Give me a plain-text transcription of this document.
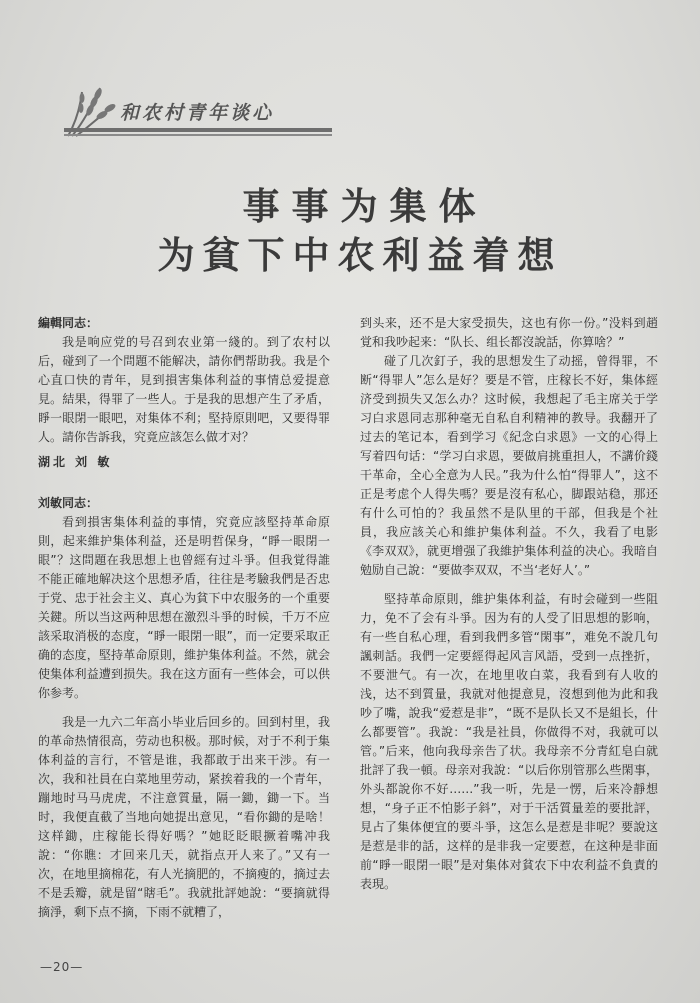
和农村青年谈心
事事为集体
为貧下中农利益着想

編輯同志：

我是响应党的号召到农业第一綫的。到了农村以后，碰到了一个問題不能解决，請你們帮助我。我是个心直口快的青年，見到損害集体利益的事情总爱提意見。結果，得罪了一些人。于是我的思想产生了矛盾，睜一眼閉一眼吧，对集体不利；堅持原則吧，又要得罪人。請你告訴我，究竟应該怎么做才对？

湖北 刘 敏

刘敏同志：

看到損害集体利益的事情，究竟应該堅持革命原則，起来維护集体利益，还是明哲保身，“睜一眼閉一眼”？这問題在我思想上也曾經有过斗爭。但我覚得誰不能正確地解决这个思想矛盾，往往是考驗我們是否忠于党、忠于社会主义、真心为貧下中农服务的一个重要关鍵。所以当这两种思想在激烈斗爭的时候，千万不应該采取消极的态度，“睜一眼閉一眼”，而一定要采取正确的态度，堅持革命原則，維护集体利益。不然，就会使集体利益遭到损失。我在这方面有一些体会，可以供你参考。

我是一九六二年高小毕业后回乡的。回到村里，我的革命热情很高，劳动也积极。那时候，对于不利于集体利益的言行，不管是谁，我都敢于出来干涉。有一次，我和社員在白菜地里劳动，紧挨着我的一个青年，蹦地时马马虎虎，不注意質量，隔一鋤，鋤一下。当时，我便直截了当地向她提出意见，“看你鋤的是啥！这样鋤，庄稼能长得好嗎？”她眨眨眼撅着嘴冲我說：“你瞧：才回来几天，就指点开人来了。”又有一次，在地里摘棉花，有人光摘肥的，不摘瘦的，摘过去不是丢瓣，就是留“瞎毛”。我就批評她說：“要摘就得摘淨，剩下点不摘，下雨不就糟了，

到头来，还不是大家受损失，这也有你一份。”没料到趙覚和我吵起来：“队长、组长都沒說話，你算啥？”

碰了几次釘子，我的思想发生了动摇，曾得罪，不断“得罪人”怎么是好？要是不管，庄稼长不好，集体經济受到损失又怎么办？这时候，我想起了毛主席关于学习白求恩同志那种毫无自私自利精神的教导。我翻开了过去的笔记本，看到学习《紀念白求恩》一文的心得上写着四句话：“学习白求恩，要做肩挑重担人，不講价錢干革命，全心全意为人民。”我为什么怕“得罪人”，这不正是考虑个人得失嗎？要是沒有私心，脚跟站稳，那还有什么可怕的？我虽然不是队里的干部，但我是个社員，我应該关心和維护集体利益。不久，我看了电影《李双双》，就更增强了我維护集体利益的决心。我暗自勉励自己說：“要做李双双，不当‘老好人’。”

堅持革命原則，維护集体利益，有时会碰到一些阻力，免不了会有斗爭。因为有的人受了旧思想的影响，有一些自私心理，看到我們多管“閑事”，难免不說几句諷刺話。我們一定要經得起风言风語，受到一点挫折，不要泄气。有一次，在地里收白菜，我看到有人收的浅，达不到質量，我就对他提意見，沒想到他为此和我吵了嘴，說我“爱惹是非”，“既不是队长又不是組长，什么都要管”。我說：“我是社員，你做得不对，我就可以管。”后来，他向我母亲告了状。我母亲不分青紅皂白就批評了我一頓。母亲对我說：“以后你別管那么些閑事，外头都說你不好……”我一听，先是一愣，后来冷靜想想，“身子正不怕影子斜”，对于干活質量差的要批評，見占了集体便宜的要斗爭，这怎么是惹是非呢？要說这是惹是非的話，这样的是非我一定要惹，在这种是非面前“睜一眼閉一眼”是对集体对貧农下中农利益不負責的表現。

—20—
